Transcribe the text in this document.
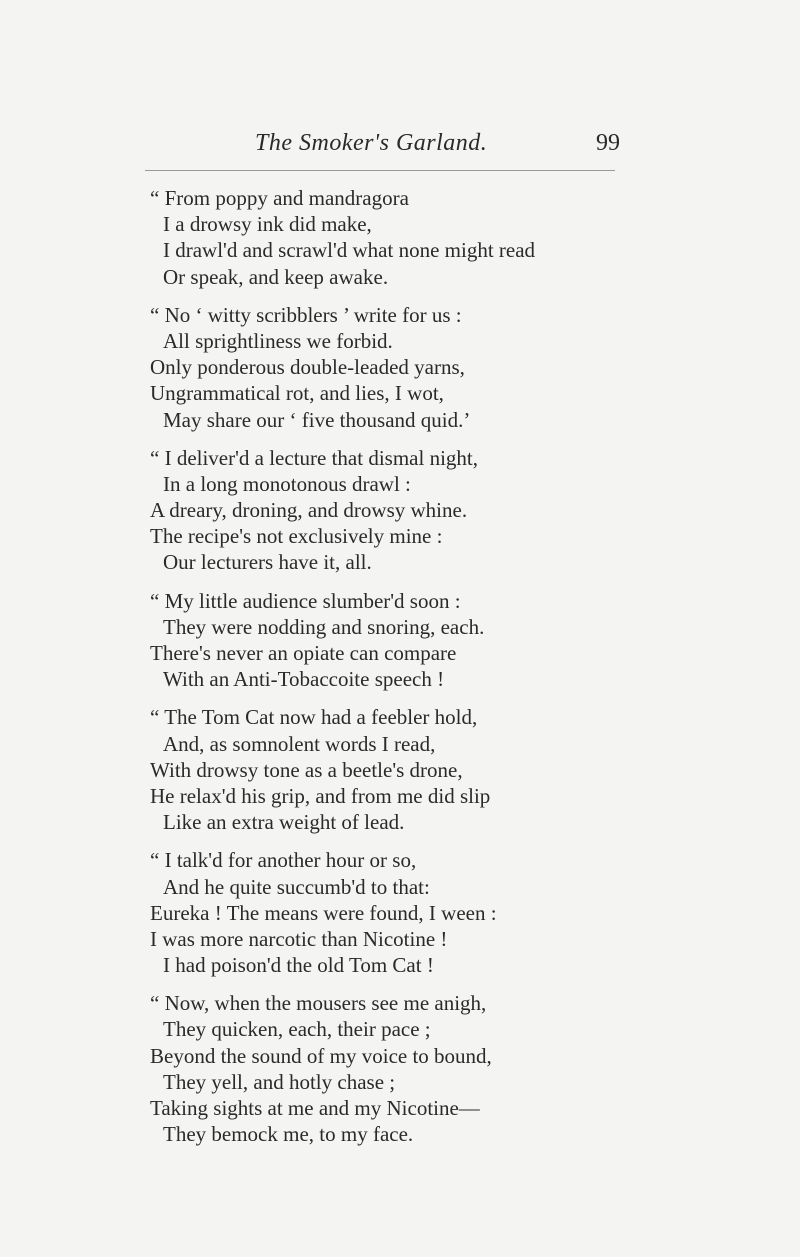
The Smoker's Garland.	99
“ From poppy and mandragora
I a drowsy ink did make,
I drawl'd and scrawl'd what none might read
Or speak, and keep awake.
“ No ‘ witty scribblers ’ write for us :
All sprightliness we forbid.
Only ponderous double-leaded yarns,
Ungrammatical rot, and lies, I wot,
May share our ‘ five thousand quid.’
“ I deliver'd a lecture that dismal night,
In a long monotonous drawl :
A dreary, droning, and drowsy whine.
The recipe's not exclusively mine :
Our lecturers have it, all.
“ My little audience slumber'd soon :
They were nodding and snoring, each.
There's never an opiate can compare
With an Anti-Tobaccoite speech !
“ The Tom Cat now had a feebler hold,
And, as somnolent words I read,
With drowsy tone as a beetle's drone,
He relax'd his grip, and from me did slip
Like an extra weight of lead.
“ I talk'd for another hour or so,
And he quite succumb'd to that:
Eureka ! The means were found, I ween :
I was more narcotic than Nicotine !
I had poison'd the old Tom Cat !
“ Now, when the mousers see me anigh,
They quicken, each, their pace ;
Beyond the sound of my voice to bound,
They yell, and hotly chase ;
Taking sights at me and my Nicotine—
They bemock me, to my face.
